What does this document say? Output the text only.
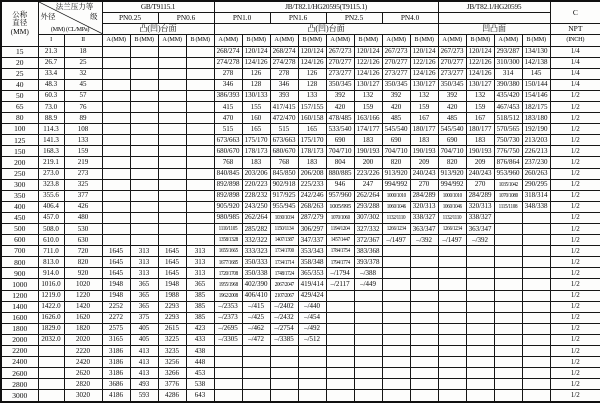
公称
直径
(MM)	法兰压力等
外径 级
(MM) (CL/MPa)		GB/T9115.1				JB/T82.1/HG20595(T9115.1)								JB/T82.1/HG20595				C
			PN0.25		PN0.6		PN1.0		PN1.6		PN2.5		PN4.0						
			凸(凹)台面				凸(凹)台面								凹凸面				NPT
	I	II	A (MM)	B (MM)	A (MM)	B (MM)	A (MM)	B (MM)	A (MM)	B (MM)	A (MM)	B (MM)	A (MM)	B (MM)	A (MM)	B (MM)	A (MM)	B (MM)	(INCH)
15	21.3	18					268/274	120/124	268/274	120/124	267/273	120/124	267/273	120/124	267/273	120/124	293/287	134/130	1/4
20	26.7	25					274/278	124/126	274/278	124/126	270/277	122/126	270/277	122/126	270/277	122/126	310/300	142/138	1/4
25	33.4	32					278	126	278	126	273/277	124/126	273/277	124/126	273/277	124/126	314	145	1/4
40	48.3	45					346	128	346	128	350/345	130/127	350/345	130/127	350/345	130/127	390/380	150/144	1/4
50	60.3	57					386/393	130/133	393	133	392	132	392	132	392	132	435/420	154/146	1/2
65	73.0	76					415	155	417/415	157/155	420	159	420	159	420	159	467/453	182/175	1/2
80	88.9	89					470	160	472/470	160/158	478/485	163/166	485	167	485	167	518/512	183/180	1/2
100	114.3	108					515	165	515	165	533/540	174/177	545/540	180/177	545/540	180/177	570/565	192/190	1/2
125	141.3	133					673/663	175/170	673/663	175/170	690	183	690	183	690	183	750/730	213/203	1/2
150	168.3	159					680/670	178/173	680/670	178/173	704/710	190/193	704/710	190/193	704/710	190/193	776/750	226/213	1/2
200	219.1	219					768	183	768	183	804	200	820	209	820	209	876/864	237/230	1/2
250	273.0	273					840/845	203/206	845/850	206/208	880/885	223/226	913/920	240/243	913/920	240/243	953/960	260/263	1/2
300	323.8	325					892/898	220/223	902/918	225/233	946	247	994/992	270	994/992	270	1035/1042	290/295	1/2
350	355.6	377					892/898	228/232	917/925	242/246	957/960	262/264	1000/1010	284/289	1000/1010	284/289	1070/1080	318/314	1/2
400	406.4	426					905/920	243/250	955/945	268/263	1005/995	293/288	1060/1046	320/313	1060/1046	320/313	1115/1108	348/338	1/2
450	457.0	480					980/985	262/264	1030/1034	287/279	1070/1060	307/302	1132/1110	338/327	1132/1110	338/327			1/2
500	508.0	530					1110/1105	285/282	1150/1134	306/297	1194/1204	327/332	1266/1234	363/347	1266/1234	363/347			1/2
600	610.0	630					1358/1328	332/322	1407/1387	347/337	1457/1447	372/367	–/1497	–/392	–/1497	–/392			1/2
700	711.0	720	1645	313	1645	313	1655/1665	333/323	1734/1700	353/343	1784/1754	383/368							1/2
800	813.0	820	1645	313	1645	313	1677/1685	350/333	1734/1714	358/348	1794/1774	393/378							1/2
900	914.0	920	1645	313	1645	313	1720/1708	350/338	1748/1724	365/353	–/1794	–/388							1/2
1000	1016.0	1020	1948	365	1948	365	1955/1968	402/390	2067/2047	419/414	–/2117	–/449							1/2
1200	1219.0	1220	1948	365	1988	385	1962/2008	406/410	2107/2067	429/424									1/2
1400	1422.0	1420	2252	365	2293	385	–/2353	–/415	–/2402	–/440									1/2
1600	1626.0	1620	2272	375	2293	385	–/2373	–/425	–/2432	–/454									1/2
1800	1829.0	1820	2575	405	2615	423	–/2695	–/462	–/2754	–/492									1/2
2000	2032.0	2020	3165	405	3225	433	–/3305	–/472	–/3385	–/512									1/2
2200		2220	3186	413	3235	438													1/2
2400		2420	3186	413	3256	448													1/2
2600		2620	3186	413	3266	453													1/2
2800		2820	3686	493	3776	538													1/2
3000		3020	4186	593	4286	643													1/2
